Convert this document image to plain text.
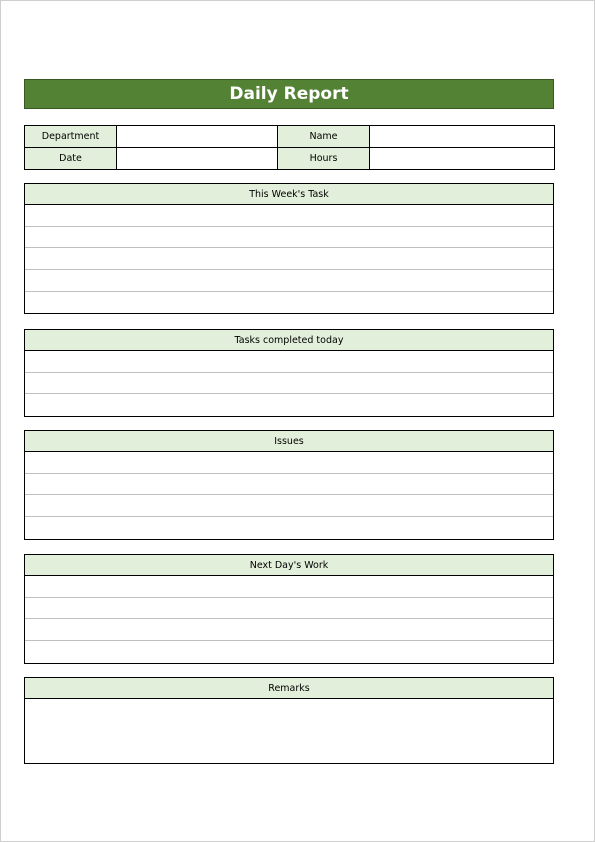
Daily Report
Department		Name	
Date		Hours	
This Week's Task
Tasks completed today
Issues
Next Day's Work
Remarks
